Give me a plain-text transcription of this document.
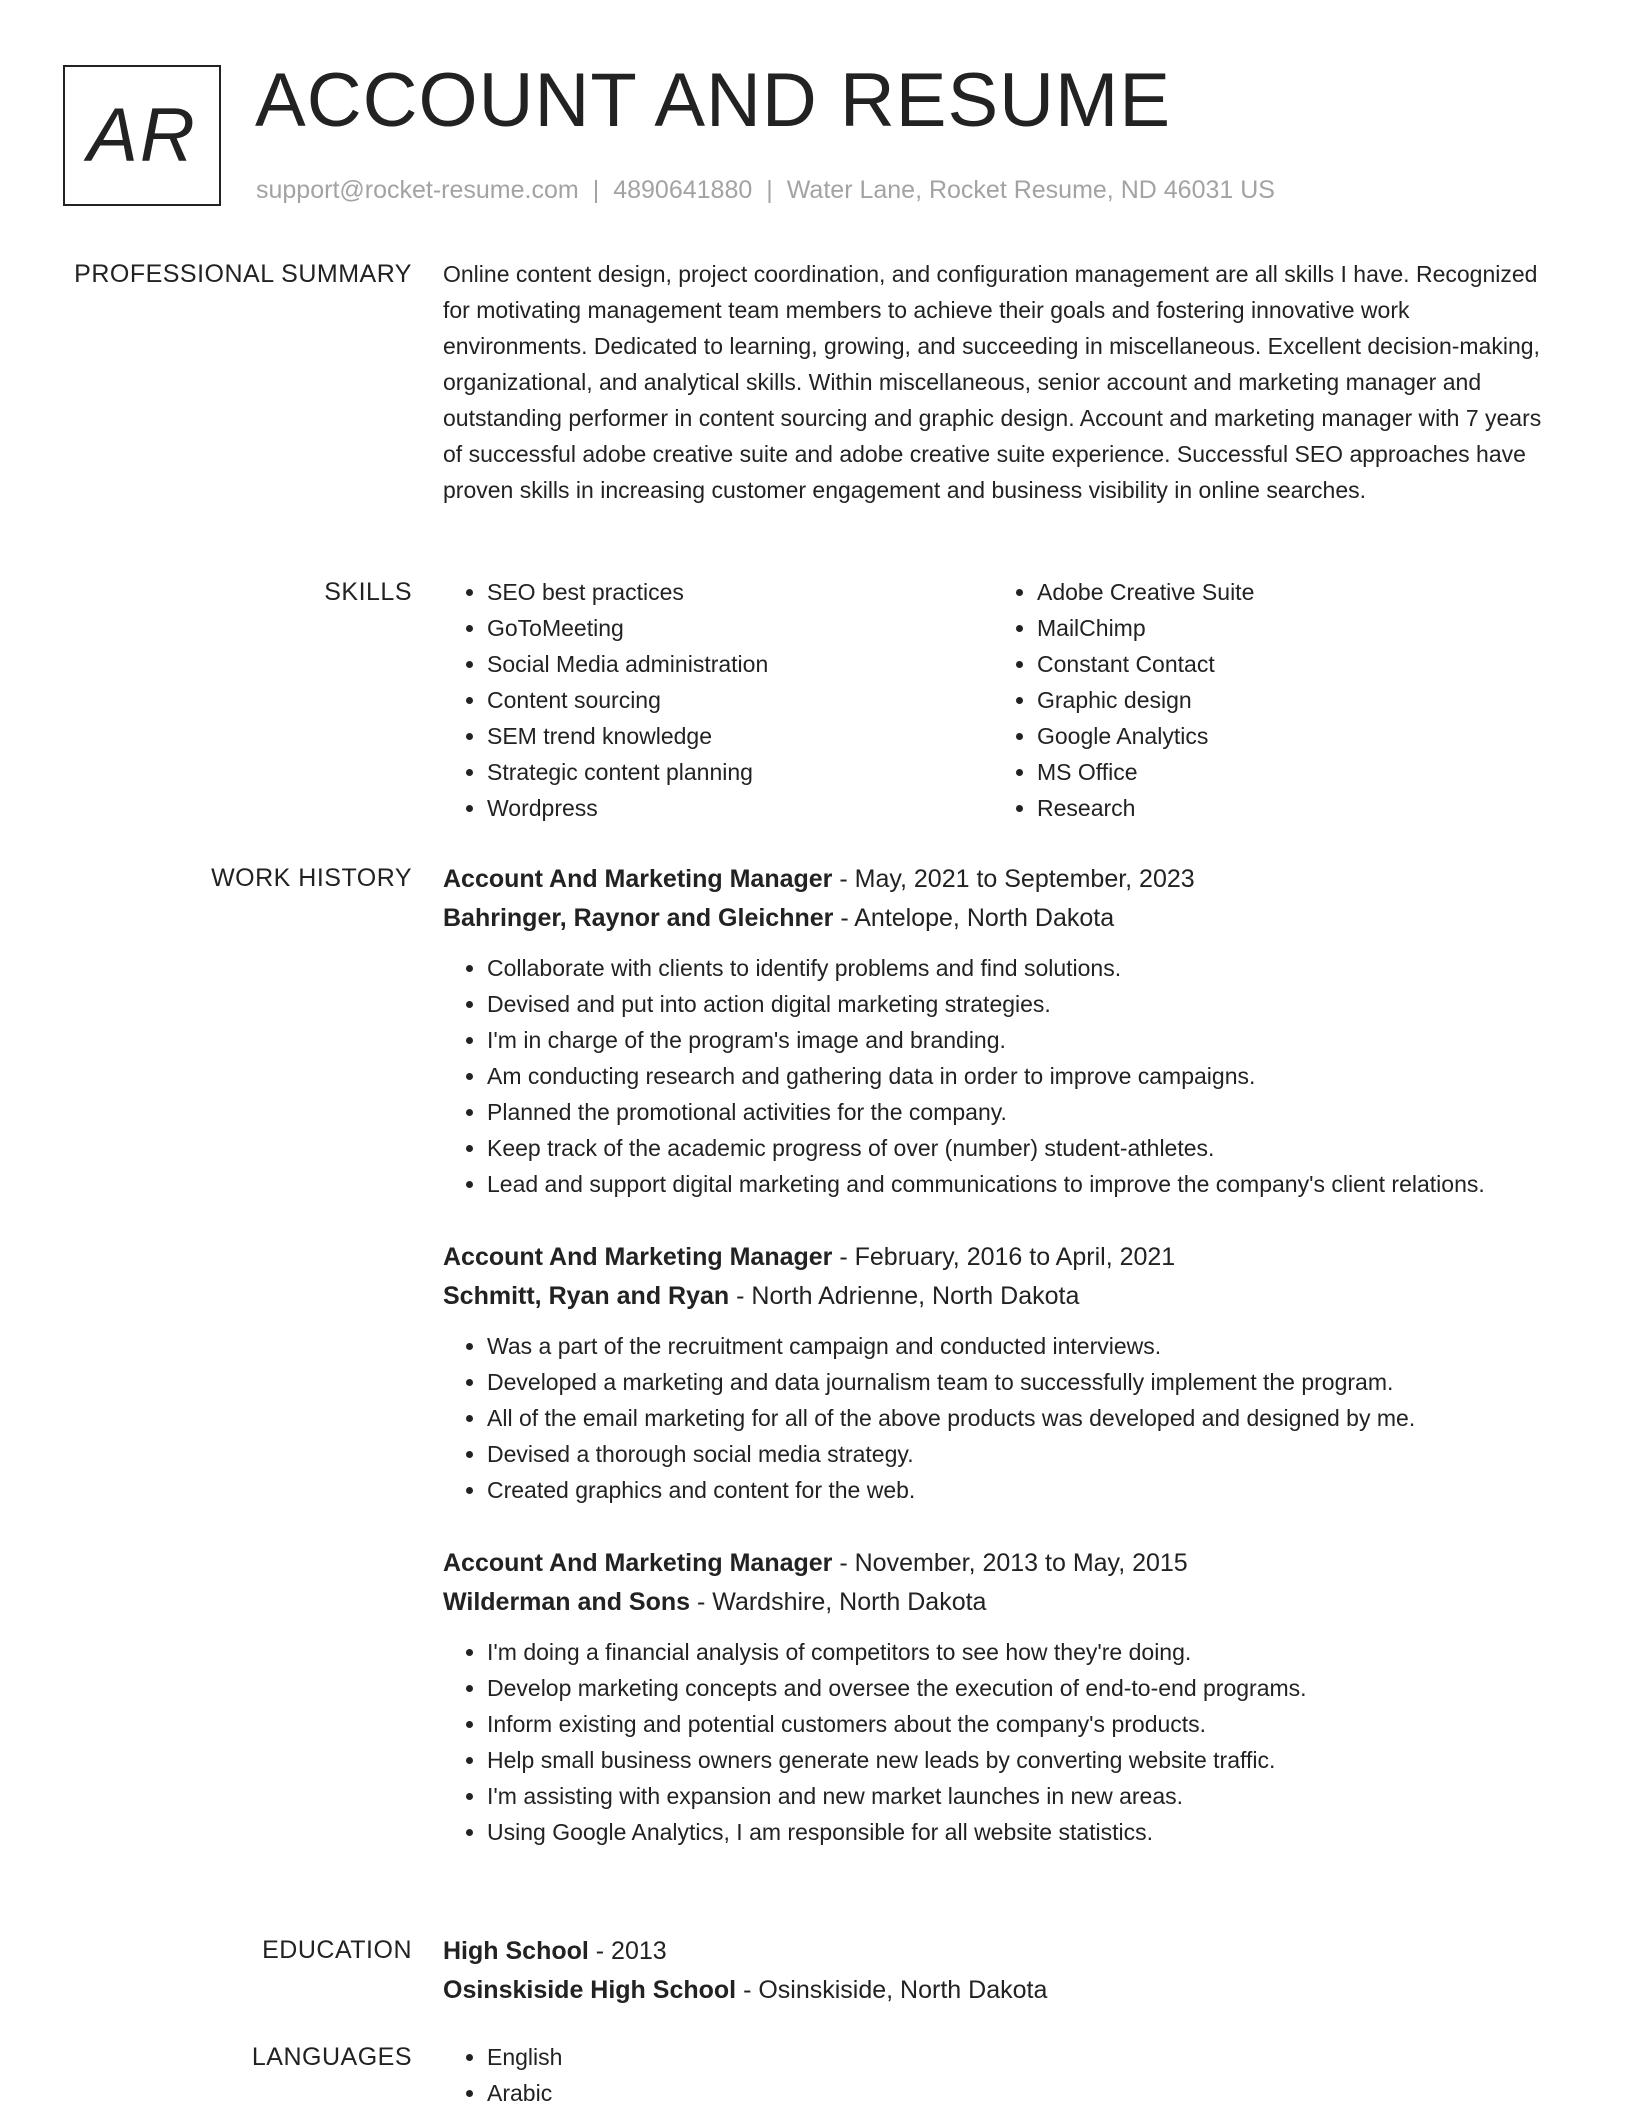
AR ACCOUNT AND RESUME
support@rocket-resume.com | 4890641880 | Water Lane, Rocket Resume, ND 46031 US
PROFESSIONAL SUMMARY Online content design, project coordination, and configuration management are all skills I have. Recognized for motivating management team members to achieve their goals and fostering innovative work environments. Dedicated to learning, growing, and succeeding in miscellaneous. Excellent decision-making, organizational, and analytical skills. Within miscellaneous, senior account and marketing manager and outstanding performer in content sourcing and graphic design. Account and marketing manager with 7 years of successful adobe creative suite and adobe creative suite experience. Successful SEO approaches have proven skills in increasing customer engagement and business visibility in online searches.

SKILLS	• SEO best practices
• GoToMeeting
• Social Media administration
• Content sourcing
• SEM trend knowledge
• Strategic content planning
• Wordpress
• Adobe Creative Suite
• MailChimp
• Constant Contact
• Graphic design
• Google Analytics
• MS Office
• Research
WORK HISTORY Account And Marketing Manager - May, 2021 to September, 2023
Bahringer, Raynor and Gleichner - Antelope, North Dakota
• Collaborate with clients to identify problems and find solutions.
• Devised and put into action digital marketing strategies.
• I'm in charge of the program's image and branding.
• Am conducting research and gathering data in order to improve campaigns.
• Planned the promotional activities for the company.
• Keep track of the academic progress of over (number) student-athletes.
• Lead and support digital marketing and communications to improve the company's client relations.
Account And Marketing Manager - February, 2016 to April, 2021
Schmitt, Ryan and Ryan - North Adrienne, North Dakota
• Was a part of the recruitment campaign and conducted interviews.
• Developed a marketing and data journalism team to successfully implement the program.
• All of the email marketing for all of the above products was developed and designed by me.
• Devised a thorough social media strategy.
• Created graphics and content for the web.
Account And Marketing Manager - November, 2013 to May, 2015
Wilderman and Sons - Wardshire, North Dakota
• I'm doing a financial analysis of competitors to see how they're doing.
• Develop marketing concepts and oversee the execution of end-to-end programs.
• Inform existing and potential customers about the company's products.
• Help small business owners generate new leads by converting website traffic.
• I'm assisting with expansion and new market launches in new areas.
• Using Google Analytics, I am responsible for all website statistics.
EDUCATION High School - 2013
Osinskiside High School - Osinskiside, North Dakota
LANGUAGES	• English
• Arabic
